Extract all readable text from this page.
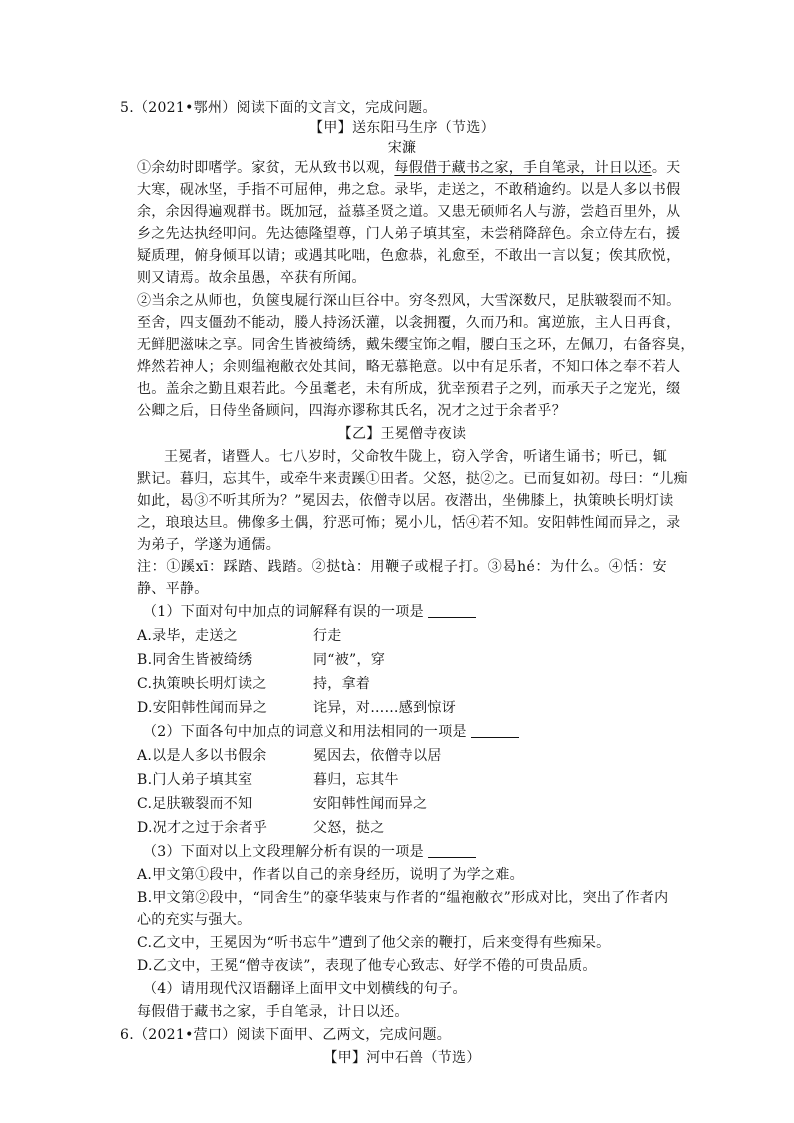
5.（2021•鄂州）阅读下面的文言文，完成问题。
【甲】送东阳马生序（节选）
宋濂
①余幼时即嗜学。家贫，无从致书以观，每假借于藏书之家，手自笔录，计日以还。天
大寒，砚冰坚，手指不可屈伸，弗之怠。录毕，走送之，不敢稍逾约。以是人多以书假
余，余因得遍观群书。既加冠，益慕圣贤之道。又患无硕师名人与游，尝趋百里外，从
乡之先达执经叩问。先达德隆望尊，门人弟子填其室，未尝稍降辞色。余立侍左右，援
疑质理，俯身倾耳以请；或遇其叱咄，色愈恭，礼愈至，不敢出一言以复；俟其欣悦，
则又请焉。故余虽愚，卒获有所闻。
②当余之从师也，负箧曳屣行深山巨谷中。穷冬烈风，大雪深数尺，足肤皲裂而不知。
至舍，四支僵劲不能动，媵人持汤沃灌，以衾拥覆，久而乃和。寓逆旅，主人日再食，
无鲜肥滋味之享。同舍生皆被绮绣，戴朱缨宝饰之帽，腰白玉之环，左佩刀，右备容臭，
烨然若神人；余则缊袍敝衣处其间，略无慕艳意。以中有足乐者，不知口体之奉不若人
也。盖余之勤且艰若此。今虽耄老，未有所成，犹幸预君子之列，而承天子之宠光，缀
公卿之后，日侍坐备顾问，四海亦谬称其氏名，况才之过于余者乎？
【乙】王冕僧寺夜读
王冕者，诸暨人。七八岁时，父命牧牛陇上，窃入学舍，听诸生诵书；听已，辄
默记。暮归，忘其牛，或牵牛来责蹊①田者。父怒，挞②之。已而复如初。母曰：“儿痴
如此，曷③不听其所为？”冕因去，依僧寺以居。夜潜出，坐佛膝上，执策映长明灯读
之，琅琅达旦。佛像多土偶，狞恶可怖；冕小儿，恬④若不知。安阳韩性闻而异之，录
为弟子，学遂为通儒。
注：①蹊xī：踩踏、践踏。②挞tà：用鞭子或棍子打。③曷hé：为什么。④恬：安
静、平静。
（1）下面对句中加点的词解释有误的一项是
A.录毕，走送之	行走
B.同舍生皆被绮绣	同“被”，穿
C.执策映长明灯读之	持，拿着
D.安阳韩性闻而异之	诧异，对……感到惊讶
（2）下面各句中加点的词意义和用法相同的一项是
A.以是人多以书假余	冕因去，依僧寺以居
B.门人弟子填其室	暮归，忘其牛
C.足肤皲裂而不知	安阳韩性闻而异之
D.况才之过于余者乎	父怒，挞之
（3）下面对以上文段理解分析有误的一项是
A.甲文第①段中，作者以自己的亲身经历，说明了为学之难。
B.甲文第②段中，“同舍生”的豪华装束与作者的“缊袍敝衣”形成对比，突出了作者内
心的充实与强大。
C.乙文中，王冕因为“听书忘牛”遭到了他父亲的鞭打，后来变得有些痴呆。
D.乙文中，王冕“僧寺夜读”，表现了他专心致志、好学不倦的可贵品质。
（4）请用现代汉语翻译上面甲文中划横线的句子。
每假借于藏书之家，手自笔录，计日以还。
6.（2021•营口）阅读下面甲、乙两文，完成问题。
【甲】河中石兽（节选）
